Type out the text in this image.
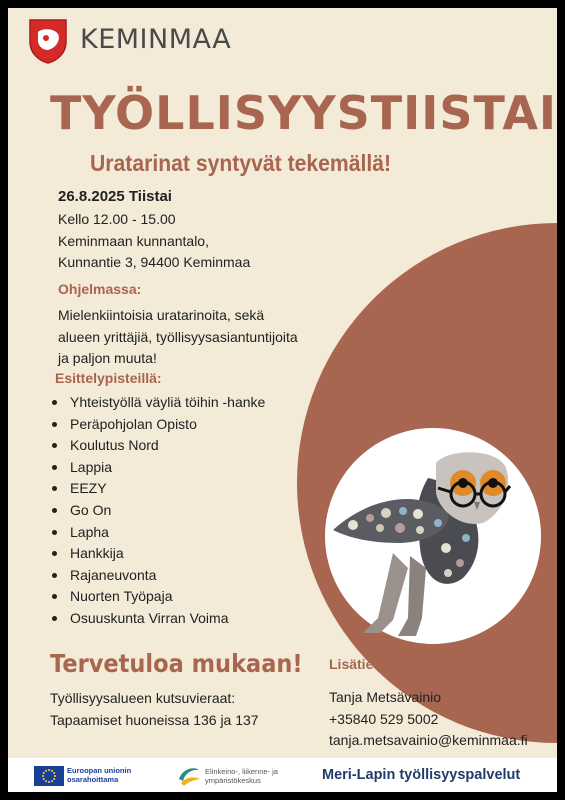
KEMINMAA
TYÖLLISYYSTIISTAI
Uratarinat syntyvät tekemällä!
26.8.2025 Tiistai
Kello 12.00 - 15.00
Keminmaan kunnantalo,
Kunnantie 3, 94400 Keminmaa
Ohjelmassa:
Mielenkiintoisia uratarinoita, sekä alueen yrittäjiä, työllisyysasiantuntijoita ja paljon muuta!
Esittelypisteillä:
Yhteistyöllä väyliä töihin -hanke
Peräpohjolan Opisto
Koulutus Nord
Lappia
EEZY
Go On
Lapha
Hankkija
Rajaneuvonta
Nuorten Työpaja
Osuuskunta Virran Voima
Tervetuloa mukaan!
Työllisyysalueen kutsuvieraat:
Tapaamiset huoneissa 136 ja 137
Lisätietoja:
Tanja Metsävainio
+35840 529 5002
tanja.metsavainio@keminmaa.fi
Euroopan unionin
osarahoittama
Elinkeino-, liikenne- ja
ympäristökeskus	Meri-Lapin työllisyyspalvelut
